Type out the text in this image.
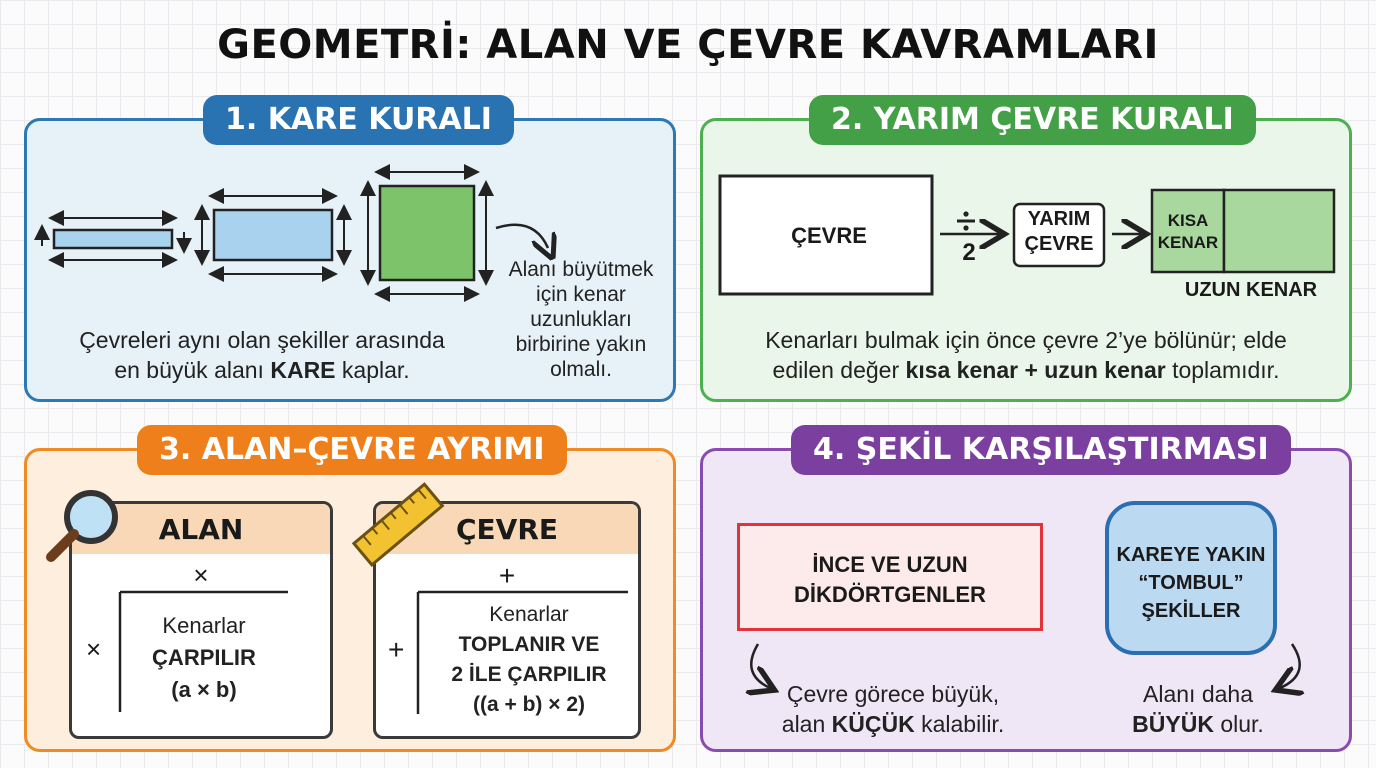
GEOMETRİ: ALAN VE ÇEVRE KAVRAMLARI
1. KARE KURALI
Alanı büyütmek
için kenar
uzunlukları
birbirine yakın
olmalı.
Çevreleri aynı olan şekiller arasında
en büyük alanı KARE kaplar.
2. YARIM ÇEVRE KURALI
ÇEVRE
2
YARIM
ÇEVRE
KISA
KENAR
UZUN KENAR
Kenarları bulmak için önce çevre 2’ye bölünür; elde
edilen değer kısa kenar + uzun kenar toplamıdır.
3. ALAN–ÇEVRE AYRIMI
ALAN
×
×
Kenarlar
ÇARPILIR
(a × b)
ÇEVRE
+
+
Kenarlar
TOPLANIR VE
2 İLE ÇARPILIR
((a + b) × 2)
4. ŞEKİL KARŞILAŞTIRMASI
İNCE VE UZUN
DİKDÖRTGENLER
KAREYE YAKIN
“TOMBUL”
ŞEKİLLER
Çevre görece büyük,
alan KÜÇÜK kalabilir.
Alanı daha
BÜYÜK olur.
